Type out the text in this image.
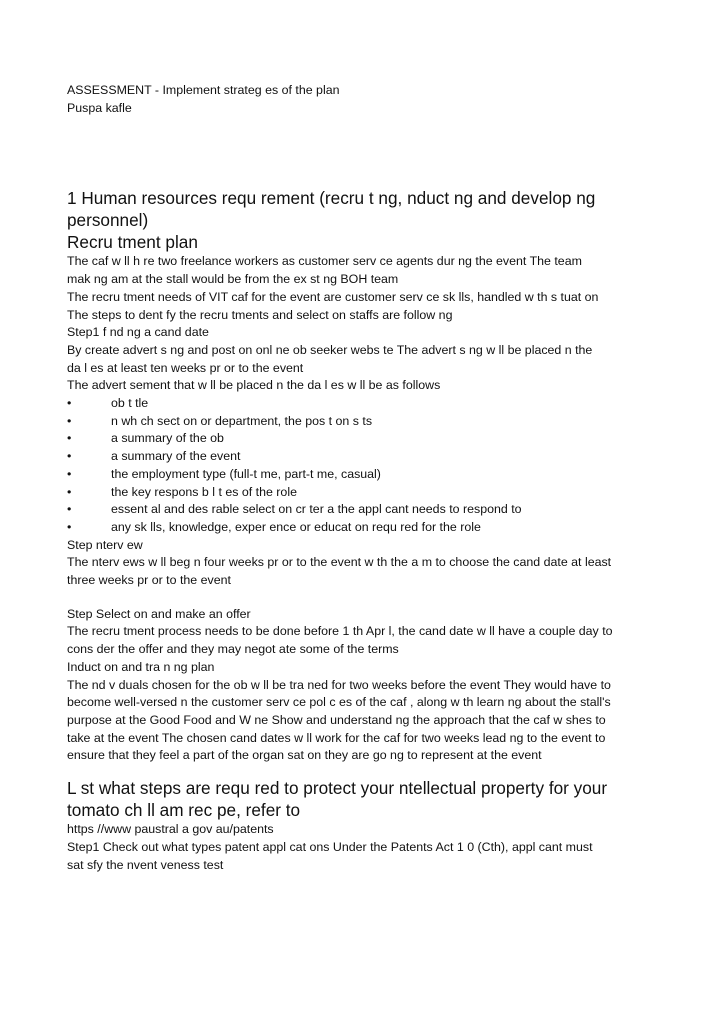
ASSESSMENT - Implement strateg es of the plan
Puspa kafle
1 Human resources requ rement (recru t ng, nduct ng and develop ng
personnel)
Recru tment plan
The caf w ll h re two freelance workers as customer serv ce agents dur ng the event The team
mak ng am at the stall would be from the ex st ng BOH team
The recru tment needs of VIT caf for the event are customer serv ce sk lls, handled w th s tuat on
The steps to dent fy the recru tments and select on staffs are follow ng
Step1 f nd ng a cand date
By create advert s ng and post on onl ne ob seeker webs te The advert s ng w ll be placed n the
da l es at least ten weeks pr or to the event
The advert sement that w ll be placed n the da l es w ll be as follows
•	ob t tle
•	n wh ch sect on or department, the pos t on s ts
•	a summary of the ob
•	a summary of the event
•	the employment type (full-t me, part-t me, casual)
•	the key respons b l t es of the role
•	essent al and des rable select on cr ter a the appl cant needs to respond to
•	any sk lls, knowledge, exper ence or educat on requ red for the role
Step nterv ew
The nterv ews w ll beg n four weeks pr or to the event w th the a m to choose the cand date at least
three weeks pr or to the event
Step Select on and make an offer
The recru tment process needs to be done before 1 th Apr l, the cand date w ll have a couple day to
cons der the offer and they may negot ate some of the terms
Induct on and tra n ng plan
The nd v duals chosen for the ob w ll be tra ned for two weeks before the event They would have to
become well-versed n the customer serv ce pol c es of the caf , along w th learn ng about the stall's
purpose at the Good Food and W ne Show and understand ng the approach that the caf w shes to
take at the event The chosen cand dates w ll work for the caf for two weeks lead ng to the event to
ensure that they feel a part of the organ sat on they are go ng to represent at the event
L st what steps are requ red to protect your ntellectual property for your
tomato ch ll am rec pe, refer to
https //www paustral a gov au/patents
Step1 Check out what types patent appl cat ons Under the Patents Act 1 0 (Cth), appl cant must
sat sfy the nvent veness test
